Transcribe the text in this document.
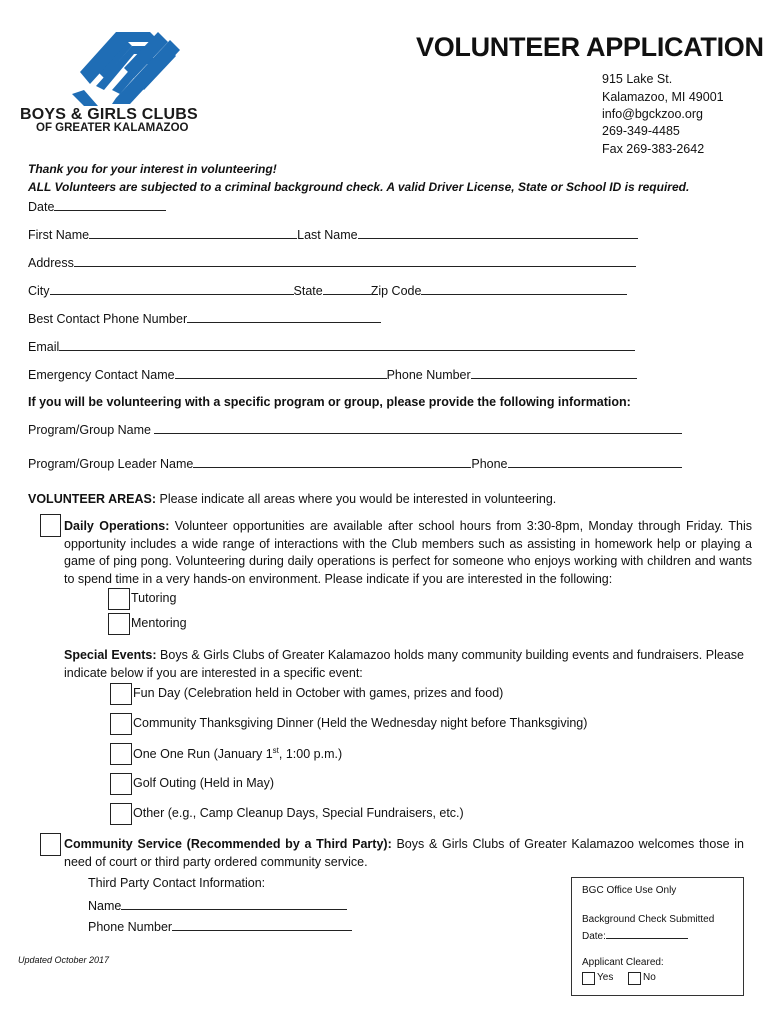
BOYS & GIRLS CLUBS
OF GREATER KALAMAZOO
VOLUNTEER APPLICATION
915 Lake St.
Kalamazoo, MI 49001
info@bgckzoo.org
269-349-4485
Fax 269-383-2642
Thank you for your interest in volunteering!
ALL Volunteers are subjected to a criminal background check. A valid Driver License, State or School ID is required.
Date
First Name	Last Name
Address
City	State	Zip Code
Best Contact Phone Number
Email
Emergency Contact Name	Phone Number
If you will be volunteering with a specific program or group, please provide the following information:
Program/Group Name
Program/Group Leader Name	Phone
VOLUNTEER AREAS: Please indicate all areas where you would be interested in volunteering.
Daily Operations: Volunteer opportunities are available after school hours from 3:30-8pm, Monday through Friday. This opportunity includes a wide range of interactions with the Club members such as assisting in homework help or playing a game of ping pong. Volunteering during daily operations is perfect for someone who enjoys working with children and wants to spend time in a very hands-on environment. Please indicate if you are interested in the following:
Tutoring
Mentoring
Special Events: Boys & Girls Clubs of Greater Kalamazoo holds many community building events and fundraisers. Please indicate below if you are interested in a specific event:
Fun Day (Celebration held in October with games, prizes and food)
Community Thanksgiving Dinner (Held the Wednesday night before Thanksgiving)
One One Run (January 1st, 1:00 p.m.)
Golf Outing (Held in May)
Other (e.g., Camp Cleanup Days, Special Fundraisers, etc.)
Community Service (Recommended by a Third Party): Boys & Girls Clubs of Greater Kalamazoo welcomes those in need of court or third party ordered community service.
Third Party Contact Information:
Name
Phone Number
BGC Office Use Only
Background Check Submitted
Date:
Applicant Cleared:
Yes	No
Updated October 2017
